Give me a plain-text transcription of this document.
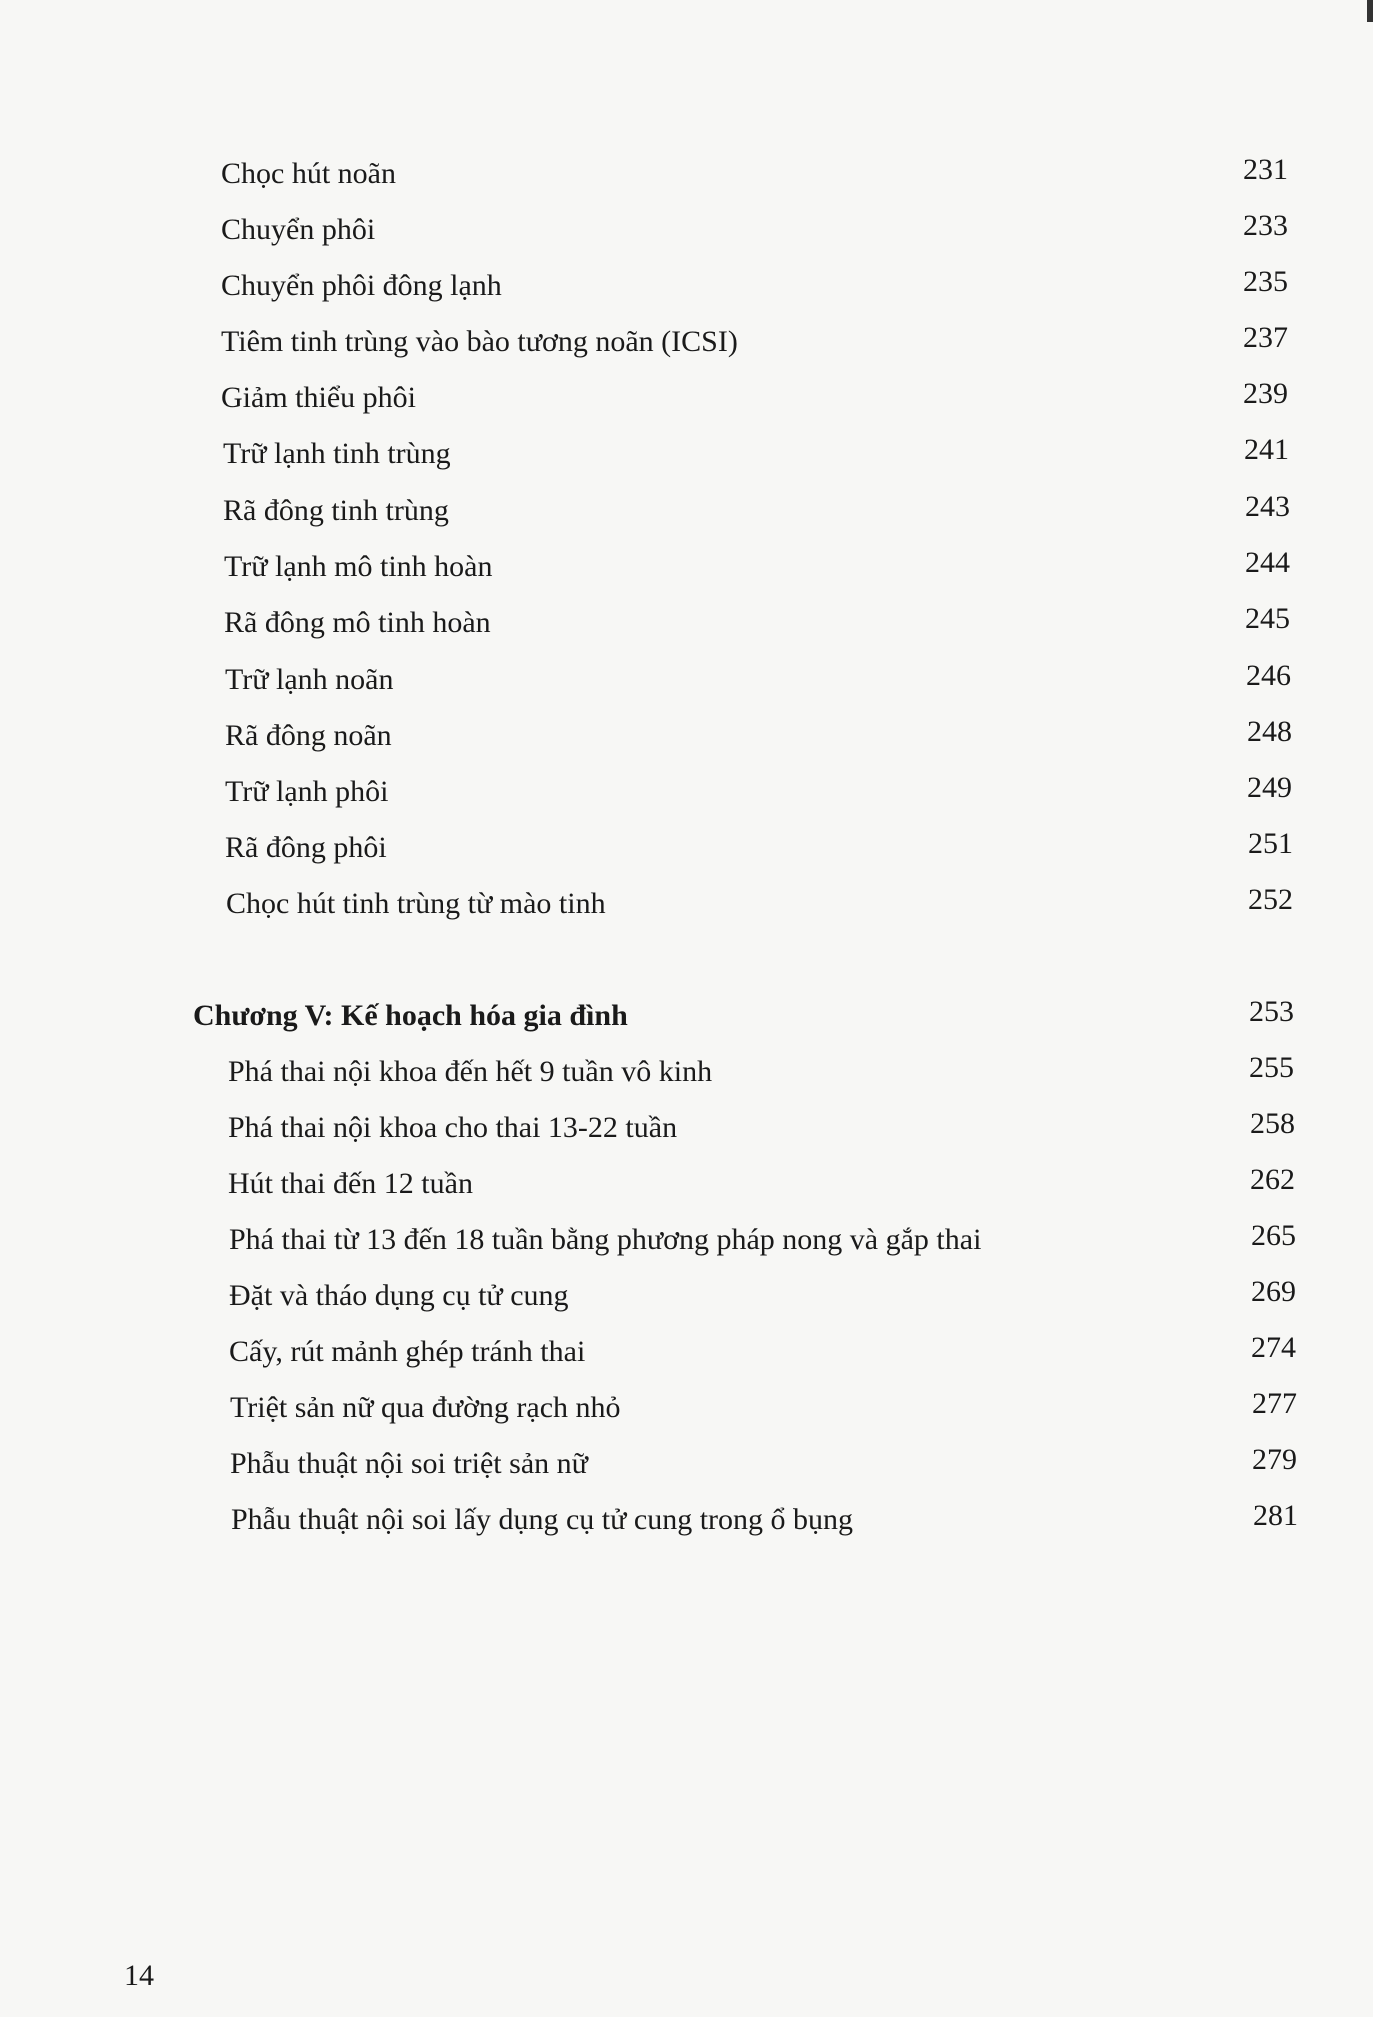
Chọc hút noãn	231
Chuyển phôi	233
Chuyển phôi đông lạnh	235
Tiêm tinh trùng vào bào tương noãn (ICSI)	237
Giảm thiểu phôi	239
Trữ lạnh tinh trùng	241
Rã đông tinh trùng	243
Trữ lạnh mô tinh hoàn	244
Rã đông mô tinh hoàn	245
Trữ lạnh noãn	246
Rã đông noãn	248
Trữ lạnh phôi	249
Rã đông phôi	251
Chọc hút tinh trùng từ mào tinh	252
Chương V: Kế hoạch hóa gia đình	253
Phá thai nội khoa đến hết 9 tuần vô kinh	255
Phá thai nội khoa cho thai 13-22 tuần	258
Hút thai đến 12 tuần	262
Phá thai từ 13 đến 18 tuần bằng phương pháp nong và gắp thai	265
Đặt và tháo dụng cụ tử cung	269
Cấy, rút mảnh ghép tránh thai	274
Triệt sản nữ qua đường rạch nhỏ	277
Phẫu thuật nội soi triệt sản nữ	279
Phẫu thuật nội soi lấy dụng cụ tử cung trong ổ bụng	281
14
